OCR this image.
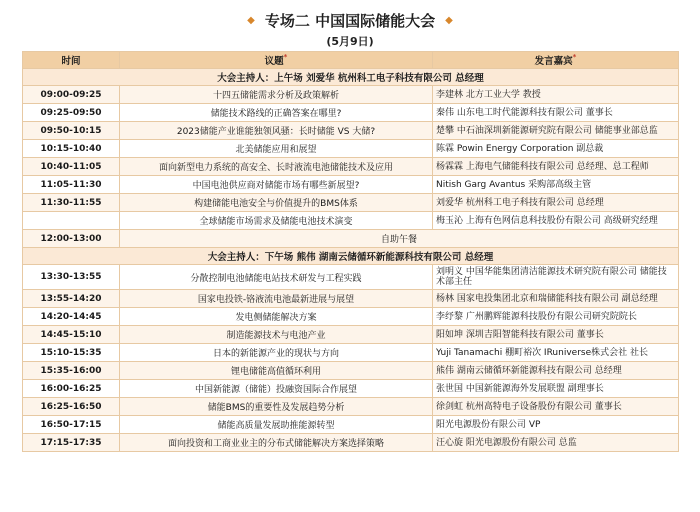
◆ 专场二 中国国际储能大会 ◆
(5月9日)
时间	议题*	发言嘉宾*
大会主持人：上午场 刘爱华 杭州科工电子科技有限公司 总经理		
09:00-09:25	十四五储能需求分析及政策解析	李建林 北方工业大学 教授
09:25-09:50	储能技术路线的正确答案在哪里?	秦伟 山东电工时代能源科技有限公司 董事长
09:50-10:15	2023储能产业谁能独领风骚：长时储能 VS 大储?	楚攀 中石油深圳新能源研究院有限公司 储能事业部总监
10:15-10:40	北美储能应用和展望	陈霖 Powin Energy Corporation 副总裁
10:40-11:05	面向新型电力系统的高安全、长时液流电池储能技术及应用	杨霖霖 上海电气储能科技有限公司 总经理、总工程师
11:05-11:30	中国电池供应商对储能市场有哪些新展望?	Nitish Garg Avantus 采购部高级主管
11:30-11:55	构建储能电池安全与价值提升的BMS体系	刘爱华 杭州科工电子科技有限公司 总经理
	全球储能市场需求及储能电池技术演变	梅玉沁 上海有色网信息科技股份有限公司 高级研究经理
12:00-13:00	自助午餐	
大会主持人：下午场 熊伟 湖南云储循环新能源科技有限公司 总经理		
13:30-13:55	分散控制电池储能电站技术研发与工程实践	刘明义 中国华能集团清洁能源技术研究院有限公司 储能技术部主任
13:55-14:20	国家电投铁-铬液流电池最新进展与展望	杨林 国家电投集团北京和瑞储能科技有限公司 副总经理
14:20-14:45	发电侧储能解决方案	李纾黎 广州鹏辉能源科技股份有限公司研究院院长
14:45-15:10	制造能源技术与电池产业	阳如坤 深圳吉阳智能科技有限公司 董事长
15:10-15:35	日本的新能源产业的现状与方向	Yuji Tanamachi 棚町裕次 IRuniverse株式会社 社长
15:35-16:00	锂电储能高值循环利用	熊伟 湖南云储循环新能源科技有限公司 总经理
16:00-16:25	中国新能源（储能）投融资国际合作展望	张世国 中国新能源海外发展联盟 副理事长
16:25-16:50	储能BMS的重要性及发展趋势分析	徐剑虹 杭州高特电子设备股份有限公司 董事长
16:50-17:15	储能高质量发展助推能源转型	阳光电源股份有限公司 VP
17:15-17:35	面向投资和工商业业主的分布式储能解决方案选择策略	汪心旋 阳光电源股份有限公司 总监
